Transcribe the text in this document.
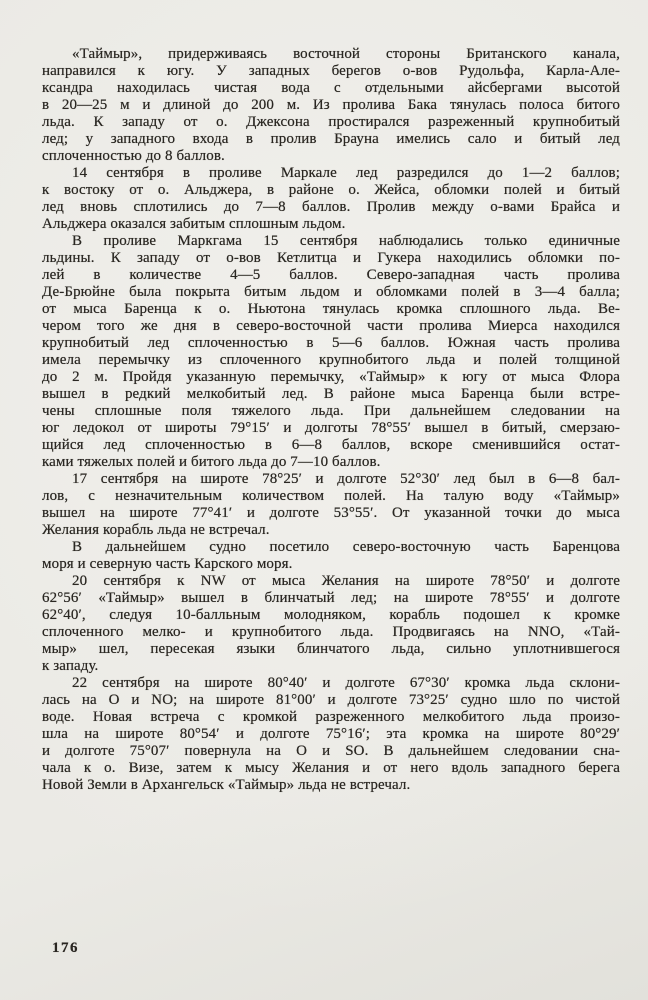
«Таймыр», придерживаясь восточной стороны Британского канала,
направился к югу. У западных берегов о-вов Рудольфа, Карла-Але-
ксандра находилась чистая вода с отдельными айсбергами высотой
в 20—25 м и длиной до 200 м. Из пролива Бака тянулась полоса битого
льда. К западу от о. Джексона простирался разреженный крупнобитый
лед; у западного входа в пролив Брауна имелись сало и битый лед
сплоченностью до 8 баллов.
14 сентября в проливе Маркале лед разредился до 1—2 баллов;
к востоку от о. Альджера, в районе о. Жейса, обломки полей и битый
лед вновь сплотились до 7—8 баллов. Пролив между о-вами Брайса и
Альджера оказался забитым сплошным льдом.
В проливе Маркгама 15 сентября наблюдались только единичные
льдины. К западу от о-вов Кетлитца и Гукера находились обломки по-
лей в количестве 4—5 баллов. Северо-западная часть пролива
Де-Брюйне была покрыта битым льдом и обломками полей в 3—4 балла;
от мыса Баренца к о. Ньютона тянулась кромка сплошного льда. Ве-
чером того же дня в северо-восточной части пролива Миерса находился
крупнобитый лед сплоченностью в 5—6 баллов. Южная часть пролива
имела перемычку из сплоченного крупнобитого льда и полей толщиной
до 2 м. Пройдя указанную перемычку, «Таймыр» к югу от мыса Флора
вышел в редкий мелкобитый лед. В районе мыса Баренца были встре-
чены сплошные поля тяжелого льда. При дальнейшем следовании на
юг ледокол от широты 79°15′ и долготы 78°55′ вышел в битый, смерзаю-
щийся лед сплоченностью в 6—8 баллов, вскоре сменившийся остат-
ками тяжелых полей и битого льда до 7—10 баллов.
17 сентября на широте 78°25′ и долготе 52°30′ лед был в 6—8 бал-
лов, с незначительным количеством полей. На талую воду «Таймыр»
вышел на широте 77°41′ и долготе 53°55′. От указанной точки до мыса
Желания корабль льда не встречал.
В дальнейшем судно посетило северо-восточную часть Баренцова
моря и северную часть Карского моря.
20 сентября к NW от мыса Желания на широте 78°50′ и долготе
62°56′ «Таймыр» вышел в блинчатый лед; на широте 78°55′ и долготе
62°40′, следуя 10-балльным молодняком, корабль подошел к кромке
сплоченного мелко- и крупнобитого льда. Продвигаясь на NNO, «Тай-
мыр» шел, пересекая языки блинчатого льда, сильно уплотнившегося
к западу.
22 сентября на широте 80°40′ и долготе 67°30′ кромка льда склони-
лась на O и NO; на широте 81°00′ и долготе 73°25′ судно шло по чистой
воде. Новая встреча с кромкой разреженного мелкобитого льда произо-
шла на широте 80°54′ и долготе 75°16′; эта кромка на широте 80°29′
и долготе 75°07′ повернула на O и SO. В дальнейшем следовании сна-
чала к о. Визе, затем к мысу Желания и от него вдоль западного берега
Новой Земли в Архангельск «Таймыр» льда не встречал.
176
